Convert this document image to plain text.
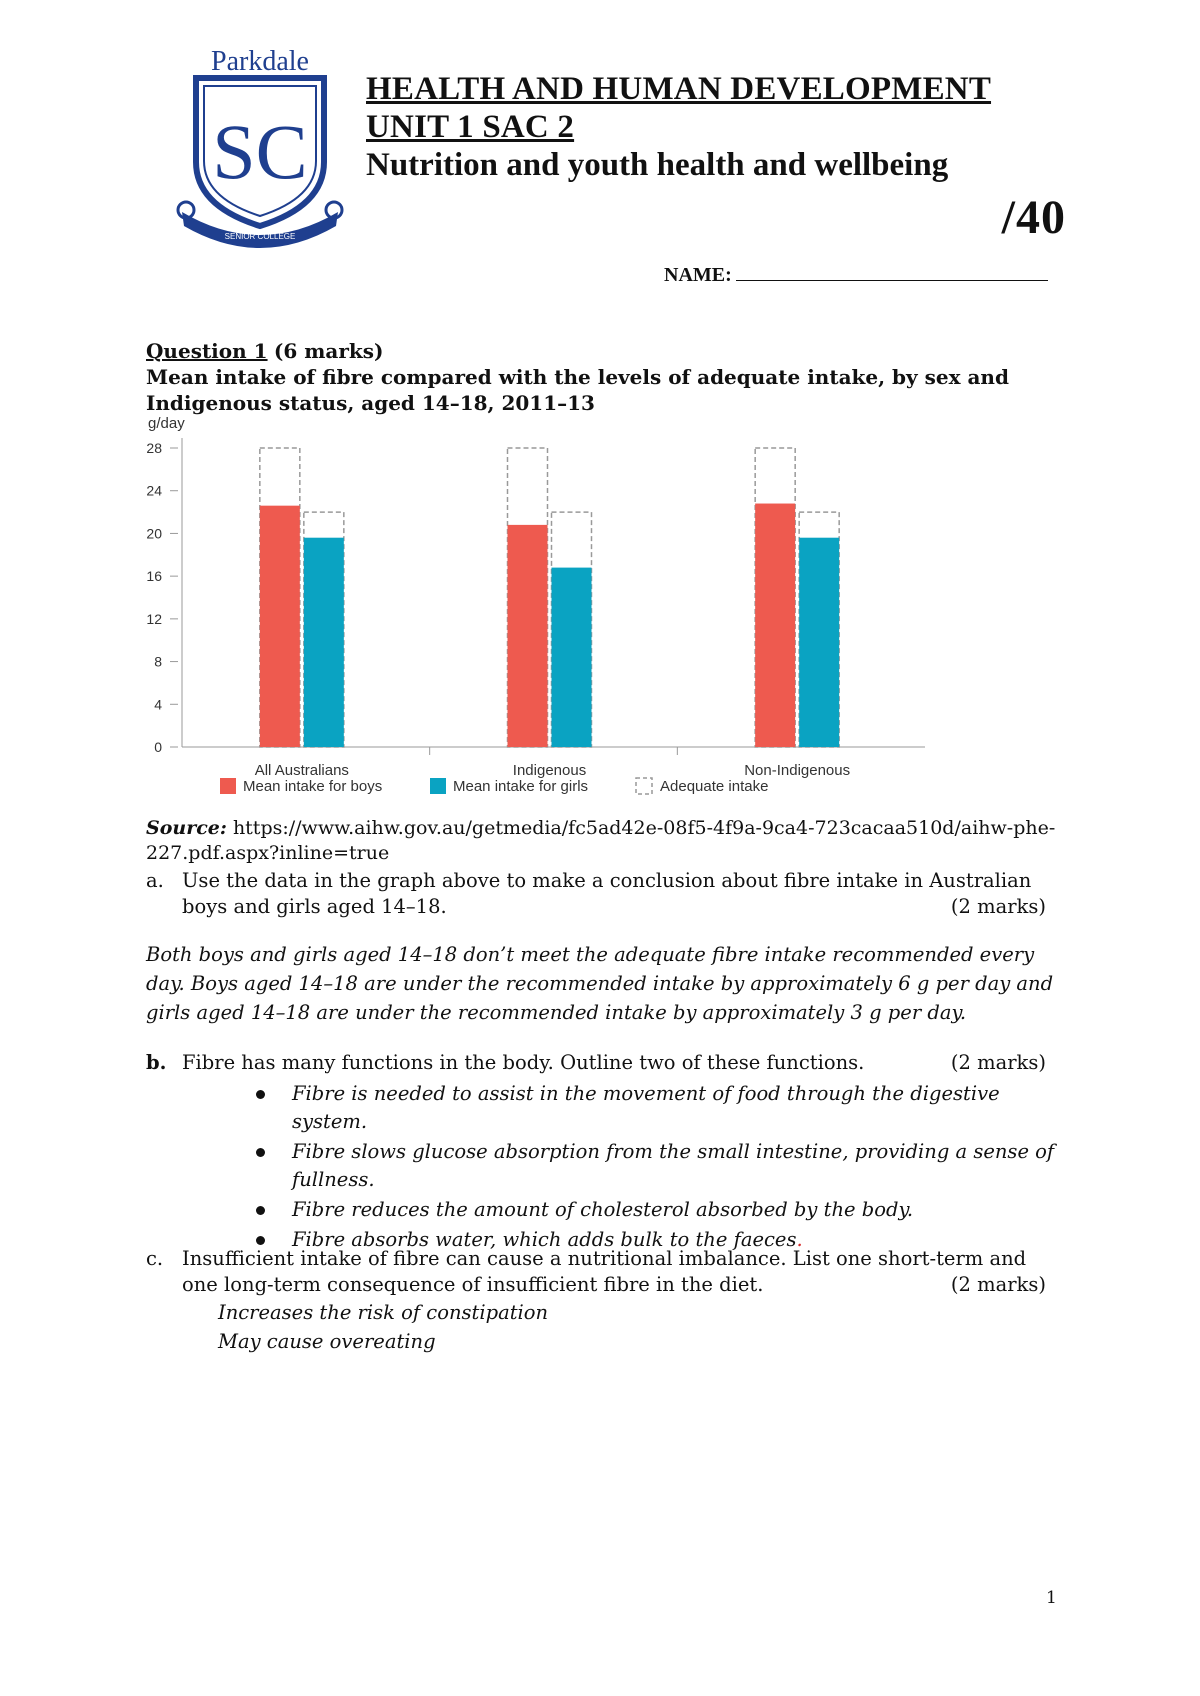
Parkdale
SC
SENIOR COLLEGE
HEALTH AND HUMAN DEVELOPMENT
UNIT 1 SAC 2
Nutrition and youth health and wellbeing
/40
NAME:
Question 1 (6 marks)
Mean intake of fibre compared with the levels of adequate intake, by sex and Indigenous status, aged 14–18, 2011–13
g/day
0
4
8
12
16
20
24
28
All Australians	Indigenous	Non-Indigenous
Mean intake for boys	Mean intake for girls	Adequate intake
Source: https://www.aihw.gov.au/getmedia/fc5ad42e-08f5-4f9a-9ca4-723cacaa510d/aihw-phe-227.pdf.aspx?inline=true
a. Use the data in the graph above to make a conclusion about fibre intake in Australian boys and girls aged 14–18.	(2 marks)
Both boys and girls aged 14–18 don’t meet the adequate fibre intake recommended every day. Boys aged 14–18 are under the recommended intake by approximately 6 g per day and girls aged 14–18 are under the recommended intake by approximately 3 g per day.
b. Fibre has many functions in the body. Outline two of these functions.	(2 marks)
Fibre is needed to assist in the movement of food through the digestive system.
Fibre slows glucose absorption from the small intestine, providing a sense of fullness.
Fibre reduces the amount of cholesterol absorbed by the body.
Fibre absorbs water, which adds bulk to the faeces.
c. Insufficient intake of fibre can cause a nutritional imbalance. List one short-term and one long-term consequence of insufficient fibre in the diet.	(2 marks)
Increases the risk of constipation
May cause overeating
1
